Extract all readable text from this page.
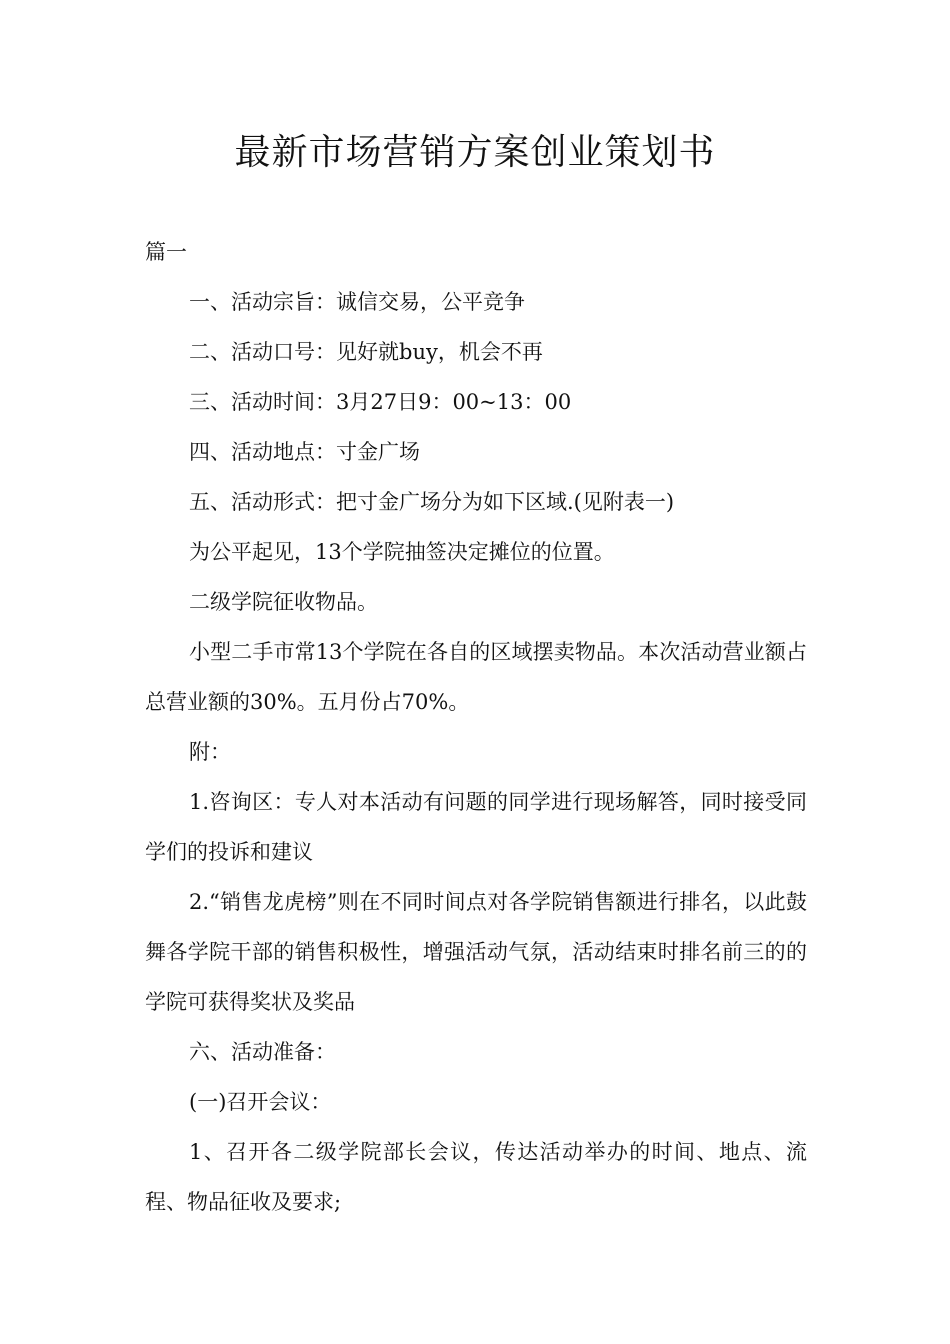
最新市场营销方案创业策划书

篇一

一、活动宗旨：诚信交易，公平竞争

二、活动口号：见好就buy，机会不再

三、活动时间：3月27日9：00~13：00

四、活动地点：寸金广场

五、活动形式：把寸金广场分为如下区域.(见附表一)

为公平起见，13个学院抽签决定摊位的位置。

二级学院征收物品。

小型二手市常13个学院在各自的区域摆卖物品。本次活动营业额占总营业额的30%。五月份占70%。

附：

1.咨询区：专人对本活动有问题的同学进行现场解答，同时接受同学们的投诉和建议

2.“销售龙虎榜”则在不同时间点对各学院销售额进行排名，以此鼓舞各学院干部的销售积极性，增强活动气氛，活动结束时排名前三的的学院可获得奖状及奖品

六、活动准备：

(一)召开会议：

1、召开各二级学院部长会议，传达活动举办的时间、地点、流程、物品征收及要求;
